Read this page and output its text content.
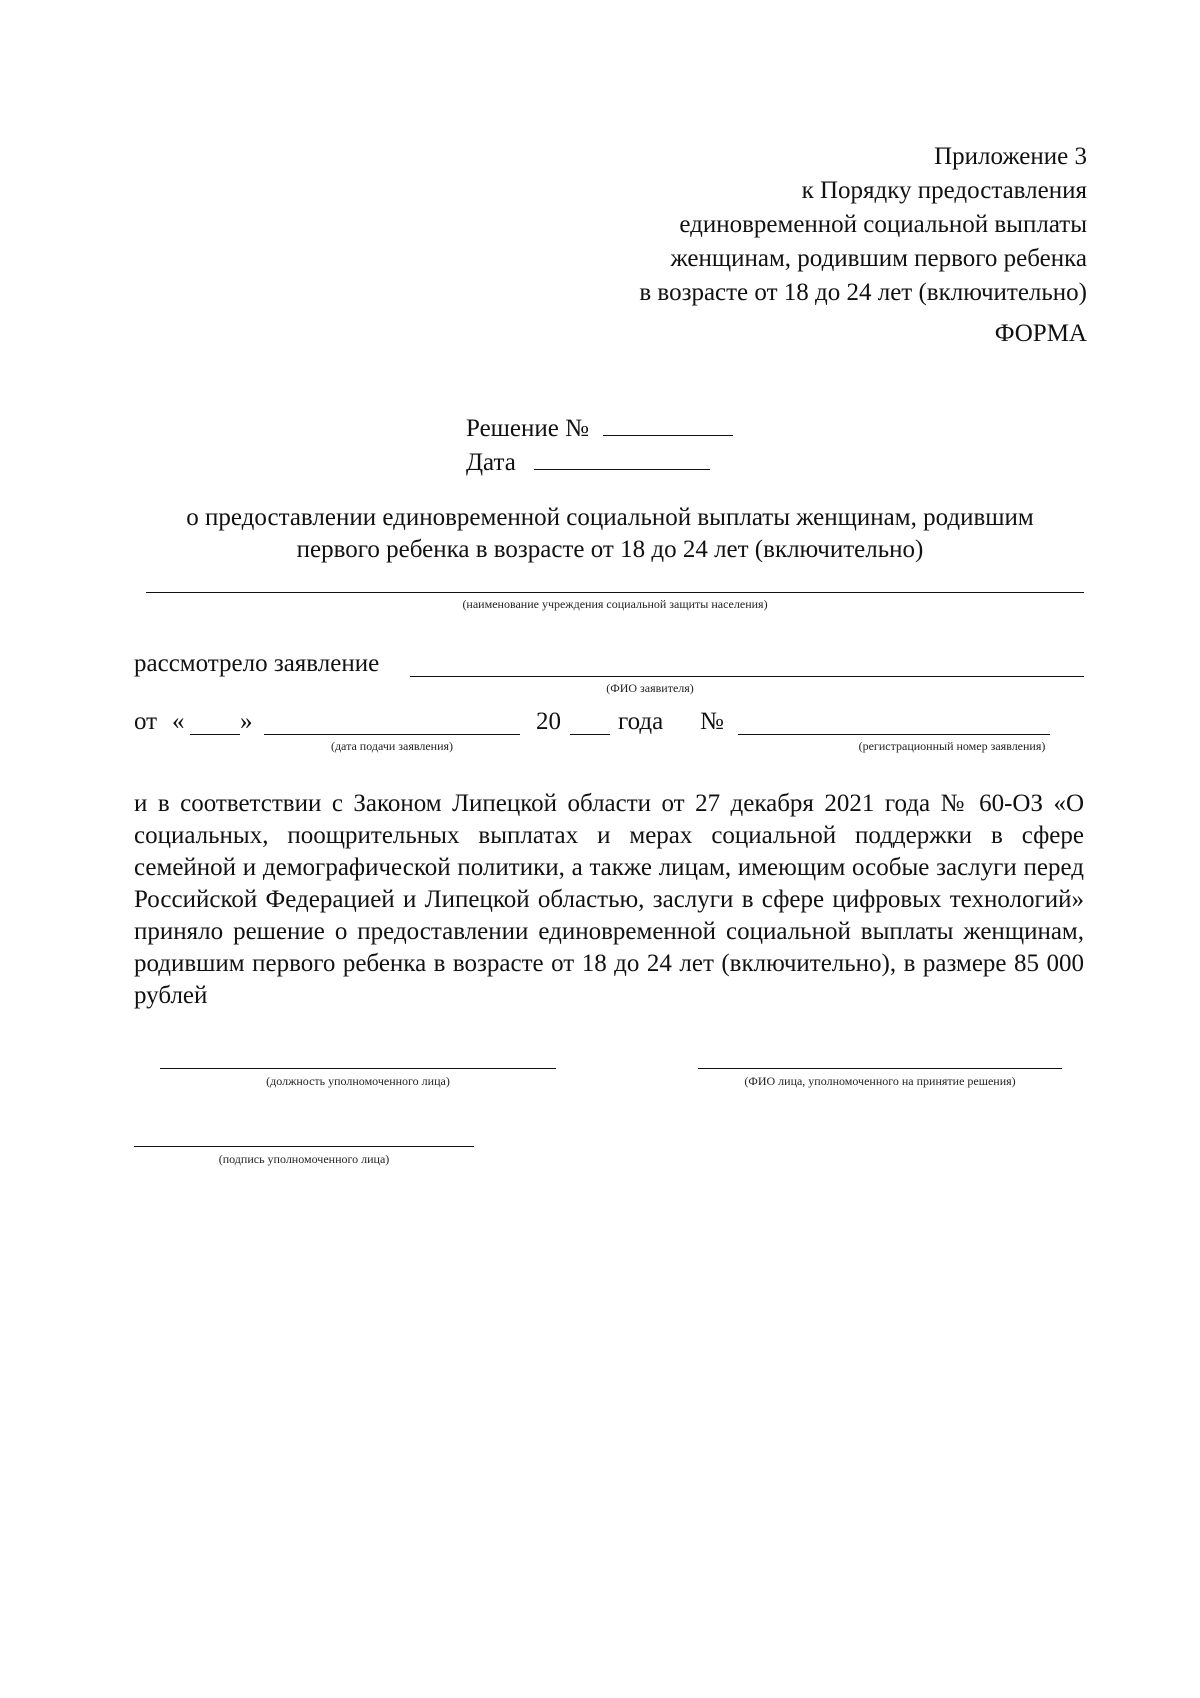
Приложение 3
к Порядку предоставления
единовременной социальной выплаты
женщинам, родившим первого ребенка
в возрасте от 18 до 24 лет (включительно)
ФОРМА
Решение №
Дата
о предоставлении единовременной социальной выплаты женщинам, родившим
первого ребенка в возрасте от 18 до 24 лет (включительно)
(наименование учреждения социальной защиты населения)
рассмотрело заявление
(ФИО заявителя)
от « »
(дата подачи заявления)
20 года №
(регистрационный номер заявления)
и в соответствии с Законом Липецкой области от 27 декабря 2021 года № 60-ОЗ «О социальных, поощрительных выплатах и мерах социальной поддержки в сфере семейной и демографической политики, а также лицам, имеющим особые заслуги перед Российской Федерацией и Липецкой областью, заслуги в сфере цифровых технологий» приняло решение о предоставлении единовременной социальной выплаты женщинам, родившим первого ребенка в возрасте от 18 до 24 лет (включительно), в размере 85 000 рублей
(должность уполномоченного лица)	(ФИО лица, уполномоченного на принятие решения)
(подпись уполномоченного лица)
